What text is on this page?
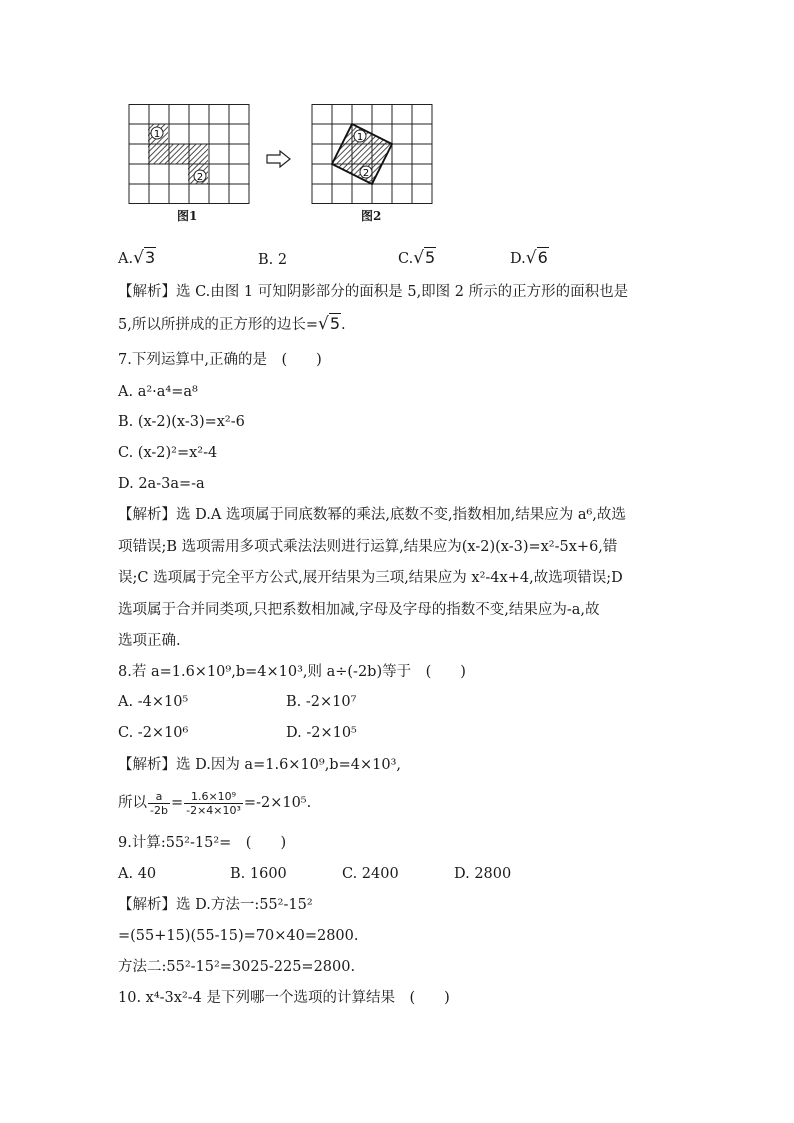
1
2
图1
1
2
图2
A.√3	B. 2	C.√5	D.√6
【解析】选 C.由图 1 可知阴影部分的面积是 5,即图 2 所示的正方形的面积也是
5,所以所拼成的正方形的边长=√5.
7.下列运算中,正确的是　(　　)
A. a²·a⁴=a⁸
B. (x-2)(x-3)=x²-6
C. (x-2)²=x²-4
D. 2a-3a=-a
【解析】选 D.A 选项属于同底数幂的乘法,底数不变,指数相加,结果应为 a⁶,故选
项错误;B 选项需用多项式乘法法则进行运算,结果应为(x-2)(x-3)=x²-5x+6,错
误;C 选项属于完全平方公式,展开结果为三项,结果应为 x²-4x+4,故选项错误;D
选项属于合并同类项,只把系数相加减,字母及字母的指数不变,结果应为-a,故
选项正确.
8.若 a=1.6×10⁹,b=4×10³,则 a÷(-2b)等于　(　　)
A. -4×10⁵	B. -2×10⁷
C. -2×10⁶	D. -2×10⁵
【解析】选 D.因为 a=1.6×10⁹,b=4×10³,
所以 $\frac{a}{-2b} = \frac{\text{1.6×10⁹}}{\text{-2×4×10³}} =-2\times 10^5$.
9.计算:55²-15²=　(　　)
A. 40	B. 1600	C. 2400	D. 2800
【解析】选 D.方法一:55²-15²
=(55+15)(55-15)=70×40=2800.
方法二:55²-15²=3025-225=2800.
10. x⁴-3x²-4 是下列哪一个选项的计算结果　(　　)
